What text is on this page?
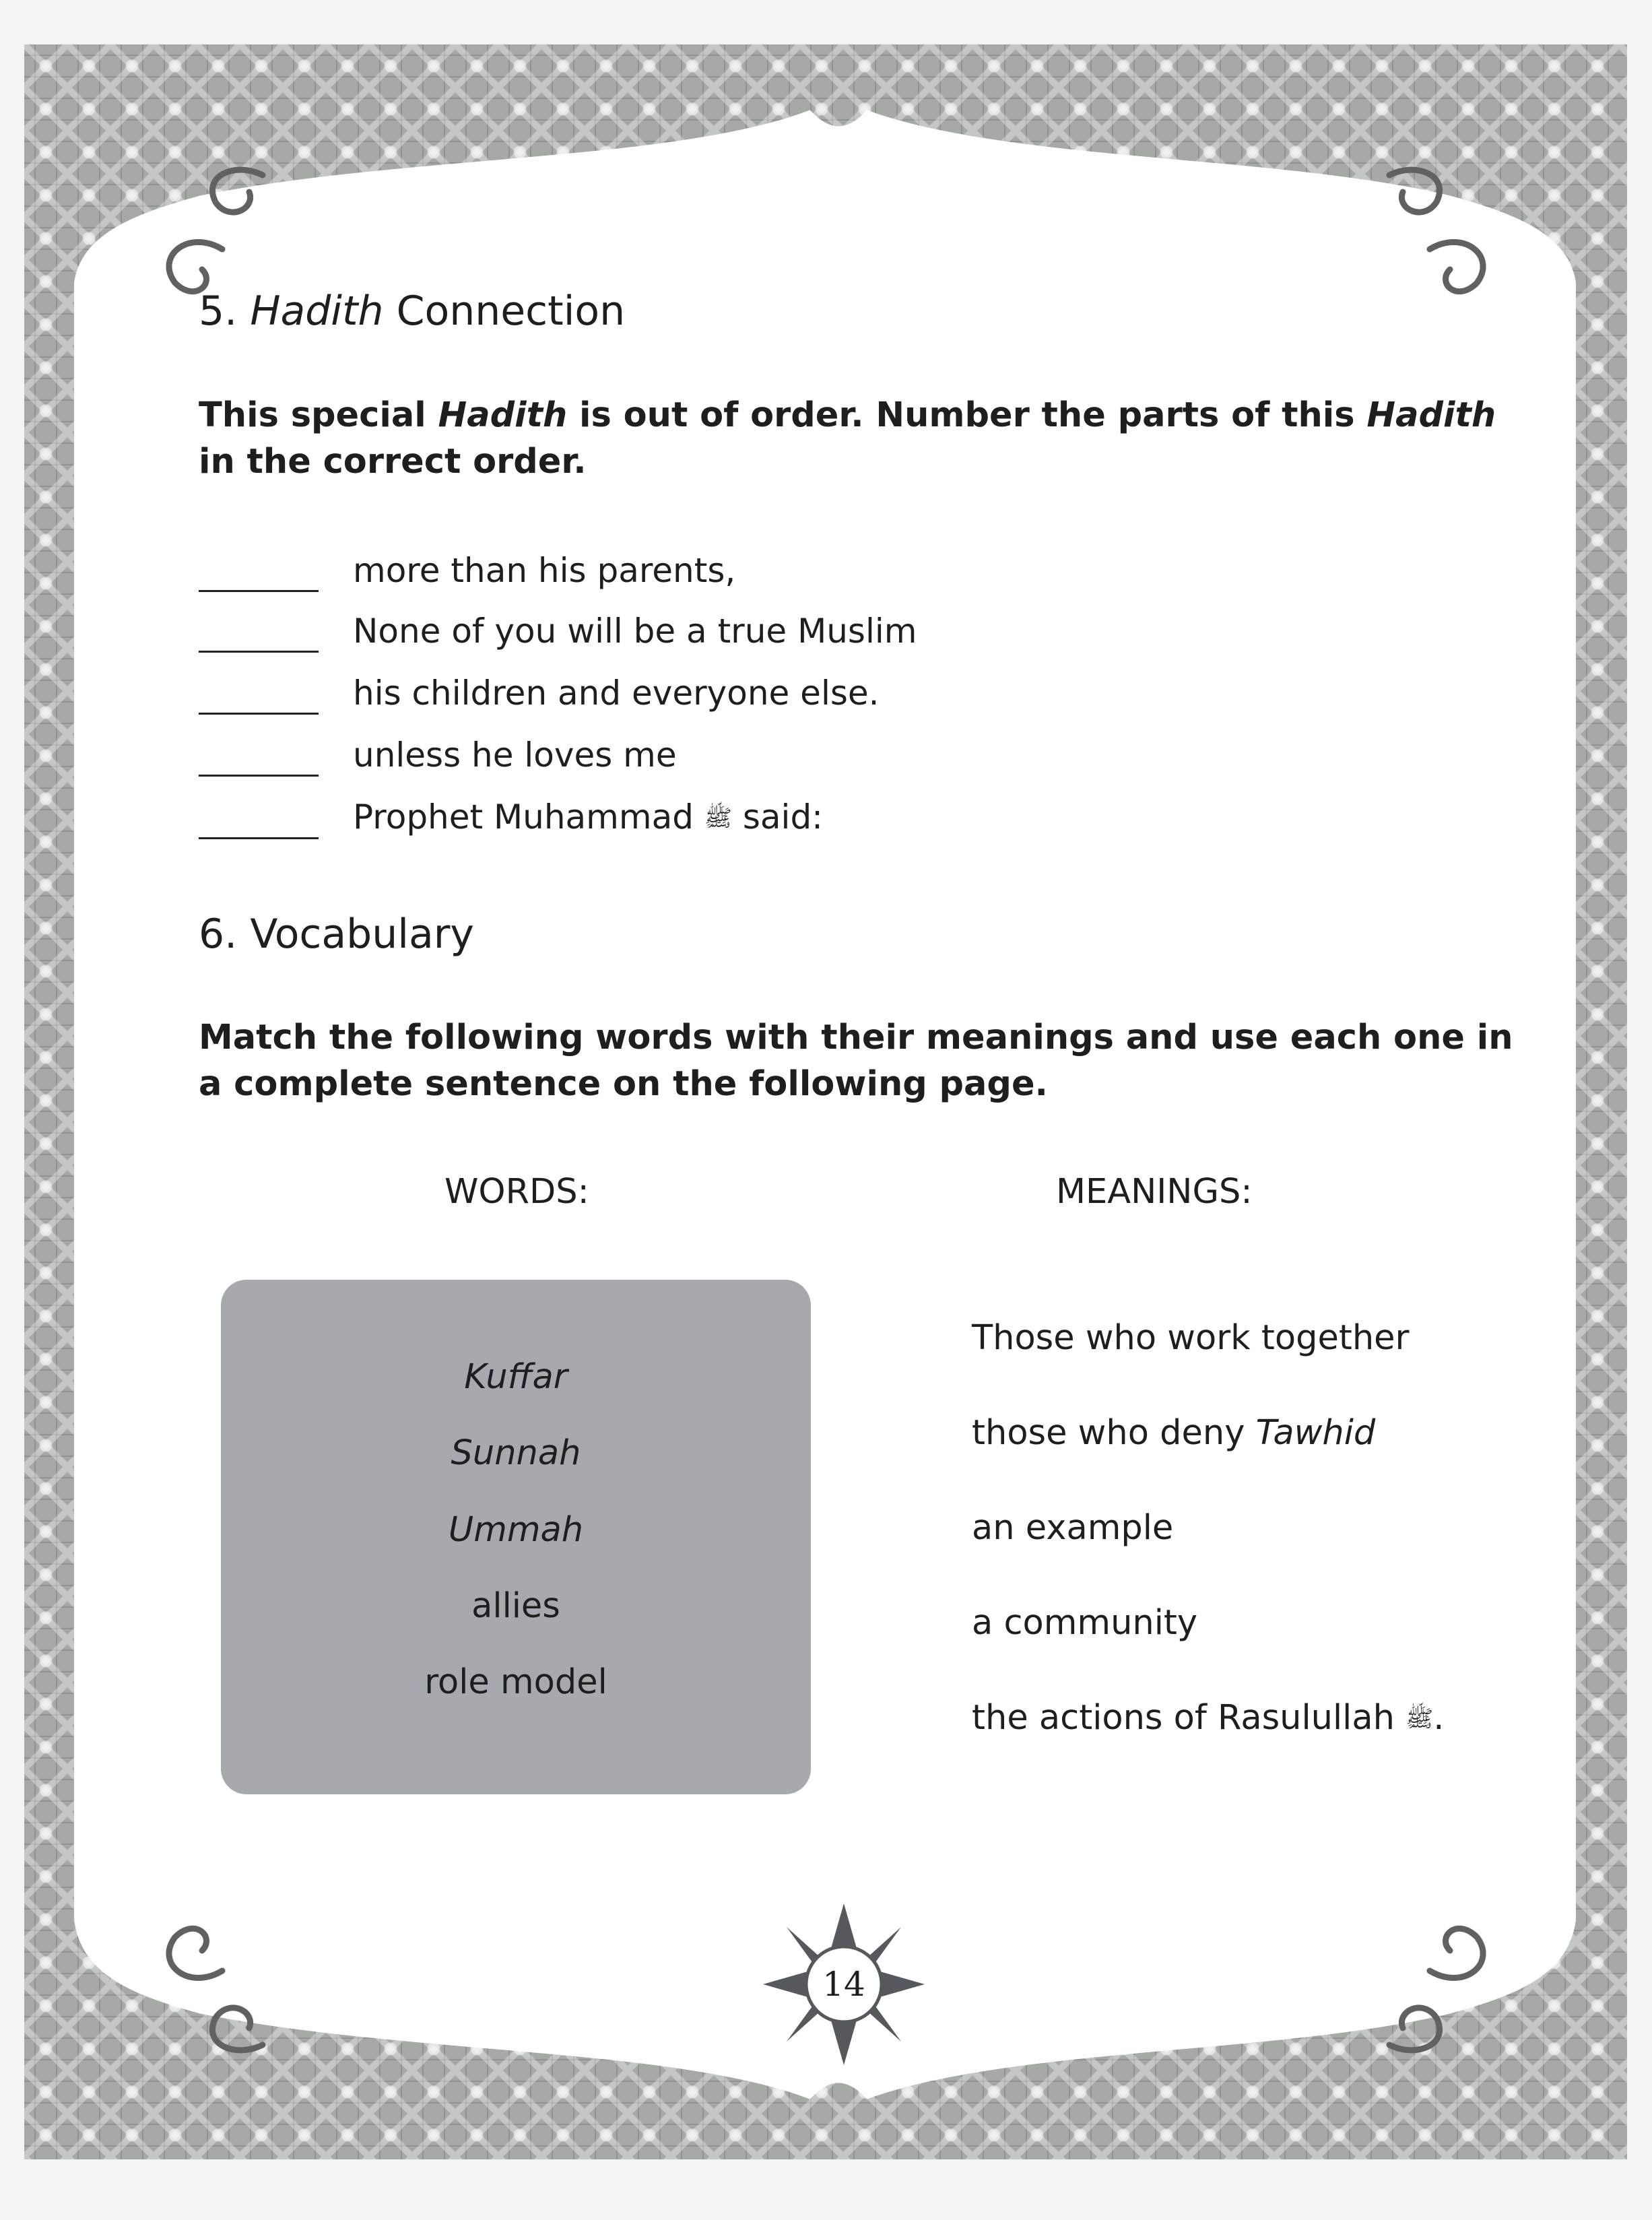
5. Hadith Connection
This special Hadith is out of order. Number the parts of this Hadith in the correct order.
more than his parents,
None of you will be a true Muslim
his children and everyone else.
unless he loves me
Prophet Muhammad ﷺ said:
6. Vocabulary
Match the following words with their meanings and use each one in a complete sentence on the following page.
WORDS:	MEANINGS:
Kuffar
Sunnah
Ummah
allies
role model
Those who work together
those who deny Tawhid
an example
a community
the actions of Rasulullah ﷺ.
14
